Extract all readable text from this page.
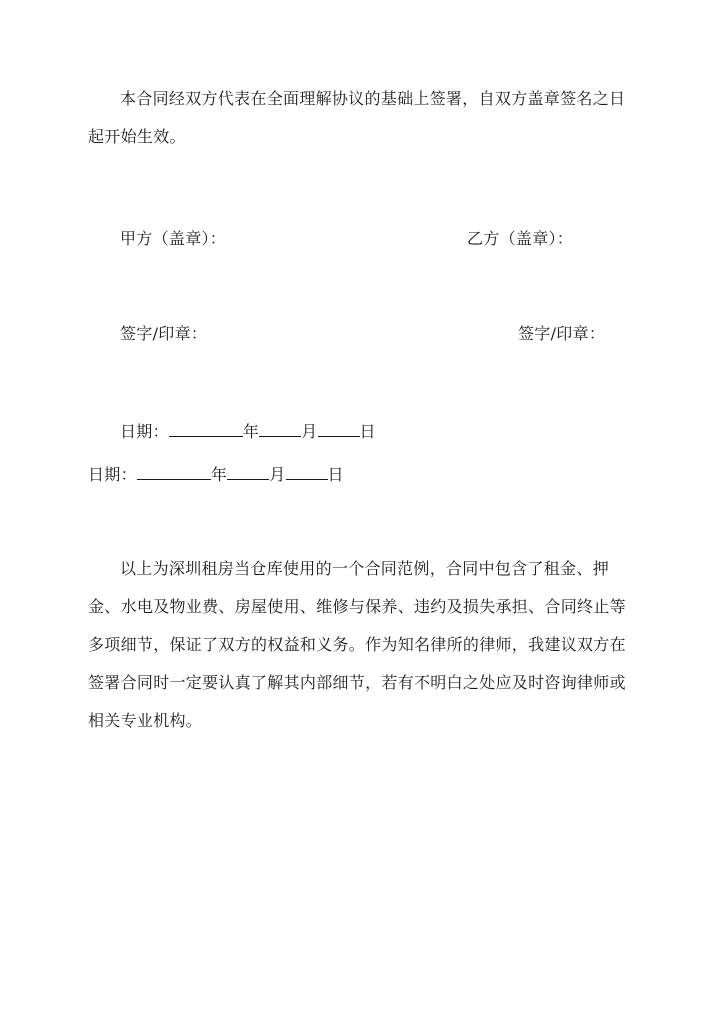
本合同经双方代表在全面理解协议的基础上签署，自双方盖章签名之日起开始生效。

甲方（盖章）：	乙方（盖章）：

签字/印章：	签字/印章：

日期：	年	月	日

日期：	年	月	日

以上为深圳租房当仓库使用的一个合同范例，合同中包含了租金、押金、水电及物业费、房屋使用、维修与保养、违约及损失承担、合同终止等多项细节，保证了双方的权益和义务。作为知名律所的律师，我建议双方在签署合同时一定要认真了解其内部细节，若有不明白之处应及时咨询律师或相关专业机构。
